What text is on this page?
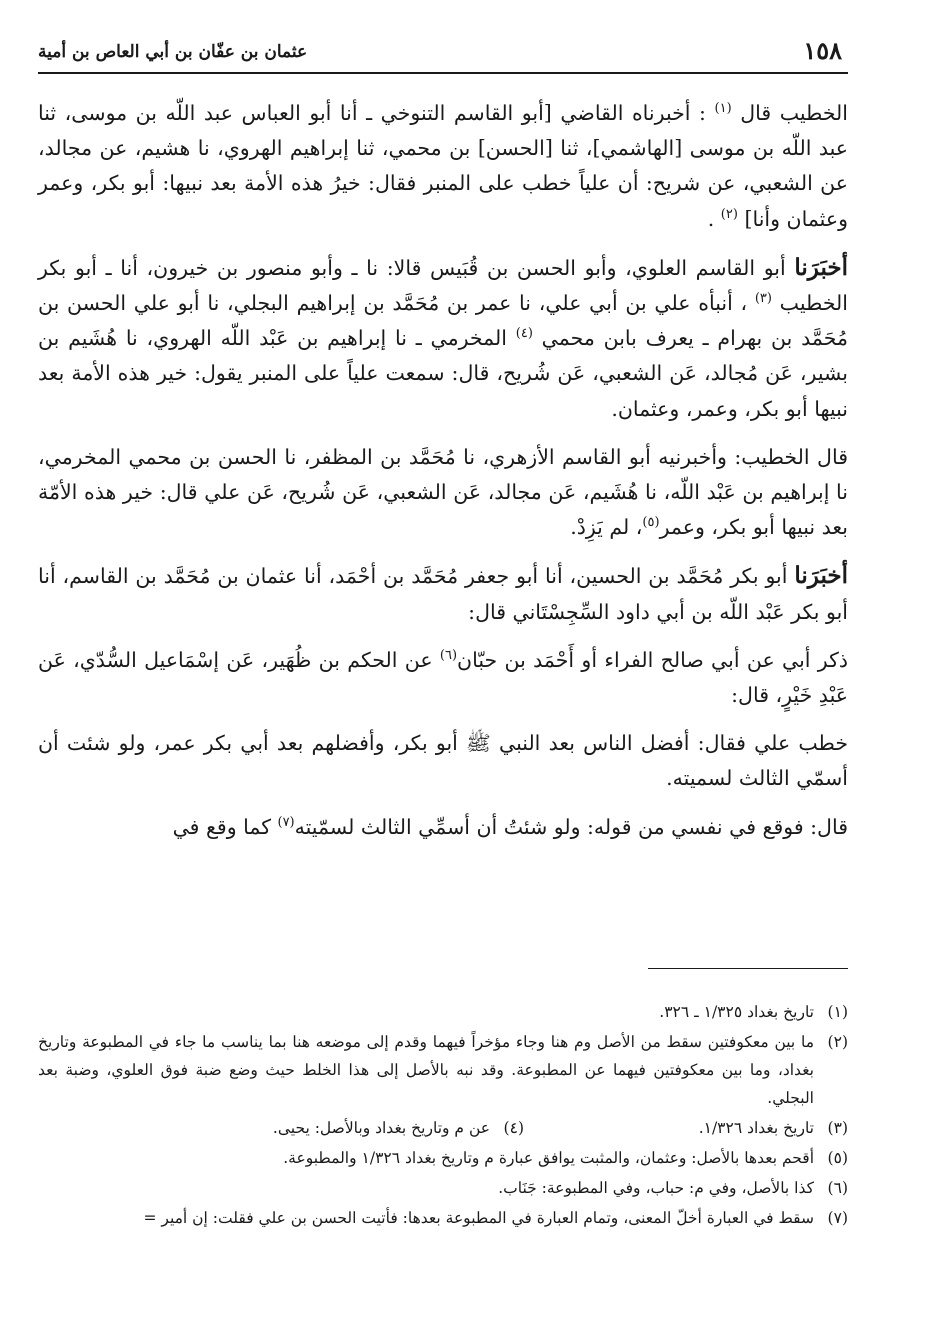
١٥٨
عثمان بن عفّان بن أبي العاص بن أمية

الخطيب قال $^{(١)}$ : أخبرناه القاضي [أبو القاسم التنوخي ـ أنا أبو العباس عبد اللّه بن موسى، ثنا عبد اللّه بن موسى [الهاشمي]، ثنا [الحسن] بن محمي، ثنا إبراهيم الهروي، نا هشيم، عن مجالد، عن الشعبي، عن شريح: أن علياً خطب على المنبر فقال: خيرُ هذه الأمة بعد نبيها: أبو بكر، وعمر وعثمان وأنا] $^{(٢)}$ .

أخبَرَنا أبو القاسم العلوي، وأبو الحسن بن قُبَيس قالا: نا ـ وأبو منصور بن خيرون، أنا ـ أبو بكر الخطيب $^{(٣)}$ ، أنبأه علي بن أبي علي، نا عمر بن مُحَمَّد بن إبراهيم البجلي، نا أبو علي الحسن بن مُحَمَّد بن بهرام ـ يعرف بابن محمي $^{(٤)}$ المخرمي ـ نا إبراهيم بن عَبْد اللّه الهروي، نا هُشَيم بن بشير، عَن مُجالد، عَن الشعبي، عَن شُريح، قال: سمعت علياً على المنبر يقول: خير هذه الأمة بعد نبيها أبو بكر، وعمر، وعثمان.

قال الخطيب: وأخبرنيه أبو القاسم الأزهري، نا مُحَمَّد بن المظفر، نا الحسن بن محمي المخرمي، نا إبراهيم بن عَبْد اللّه، نا هُشَيم، عَن مجالد، عَن الشعبي، عَن شُريح، عَن علي قال: خير هذه الأمّة بعد نبيها أبو بكر، وعمر$^{(٥)}$، لم يَزِدْ.

أخبَرَنا أبو بكر مُحَمَّد بن الحسين، أنا أبو جعفر مُحَمَّد بن أحْمَد، أنا عثمان بن مُحَمَّد بن القاسم، أنا أبو بكر عَبْد اللّه بن أبي داود السِّجِسْتَاني قال:

ذكر أبي عن أبي صالح الفراء أو أَحْمَد بن حبّان$^{(٦)}$ عن الحكم بن ظُهَير، عَن إسْمَاعيل السُّدّي، عَن عَبْدِ خَيْرٍ، قال:

خطب علي فقال: أفضل الناس بعد النبي ﷺ أبو بكر، وأفضلهم بعد أبي بكر عمر، ولو شئت أن أسمّي الثالث لسميته.

قال: فوقع في نفسي من قوله: ولو شئتُ أن أسمِّي الثالث لسمّيته$^{(٧)}$ كما وقع في

(١)
تاريخ بغداد ١/٣٢٥ ـ ٣٢٦.
(٢)
ما بين معكوفتين سقط من الأصل وم هنا وجاء مؤخراً فيهما وقدم إلى موضعه هنا بما يناسب ما جاء في المطبوعة وتاريخ بغداد، وما بين معكوفتين فيهما عن المطبوعة. وقد نبه بالأصل إلى هذا الخلط حيث وضع ضبة فوق العلوي، وضبة بعد البجلي.
(٣)
تاريخ بغداد ١/٣٢٦.
(٤)
عن م وتاريخ بغداد وبالأصل: يحيى.
(٥)
أقحم بعدها بالأصل: وعثمان، والمثبت يوافق عبارة م وتاريخ بغداد ١/٣٢٦ والمطبوعة.
(٦)
كذا بالأصل، وفي م: حباب، وفي المطبوعة: جَنَاب.
(٧)
سقط في العبارة أخلّ المعنى، وتمام العبارة في المطبوعة بعدها: فأتيت الحسن بن علي فقلت: إن أمير =
